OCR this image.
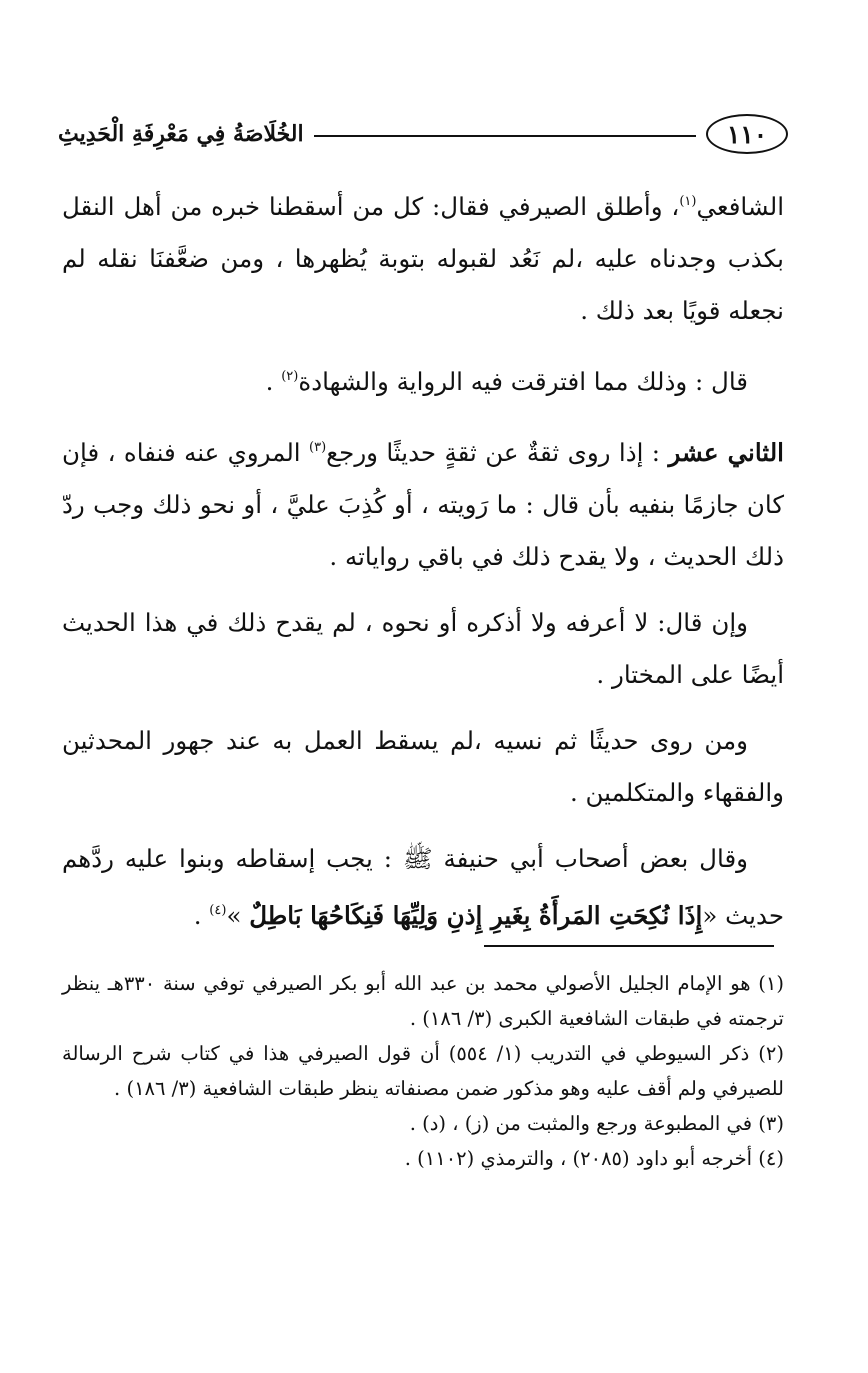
١١٠
الخُلَاصَةُ فِي مَعْرِفَةِ الْحَدِيثِ

الشافعي$^{(١)}$، وأطلق الصيرفي فقال: كل من أسقطنا خبره من أهل النقل بكذب وجدناه عليه ،لم نَعُد لقبوله بتوبة يُظهرها ، ومن ضعَّفنَا نقله لم نجعله قويًا بعد ذلك .

قال : وذلك مما افترقت فيه الرواية والشهادة$^{(٢)}$ .

الثاني عشر : إذا روى ثقةٌ عن ثقةٍ حديثًا ورجع$^{(٣)}$ المروي عنه فنفاه ، فإن كان جازمًا بنفيه بأن قال : ما رَويته ، أو كُذِبَ عليَّ ، أو نحو ذلك وجب ردّ ذلك الحديث ، ولا يقدح ذلك في باقي رواياته .

وإن قال: لا أعرفه ولا أذكره أو نحوه ، لم يقدح ذلك في هذا الحديث أيضًا على المختار .

ومن روى حديثًا ثم نسيه ،لم يسقط العمل به عند جهور المحدثين والفقهاء والمتكلمين .

وقال بعض أصحاب أبي حنيفة ﷺ : يجب إسقاطه وبنوا عليه ردَّهم حديث «إِذَا نُكِحَتِ المَرأَةُ بِغَيرِ إِذنِ وَلِيِّهَا فَنِكَاحُهَا بَاطِلٌ »$^{(٤)}$ .

(١) هو الإمام الجليل الأصولي محمد بن عبد الله أبو بكر الصيرفي توفي سنة ٣٣٠هـ ينظر ترجمته في طبقات الشافعية الكبرى (٣/ ١٨٦) .

(٢) ذكر السيوطي في التدريب (١/ ٥٥٤) أن قول الصيرفي هذا في كتاب شرح الرسالة للصيرفي ولم أقف عليه وهو مذكور ضمن مصنفاته ينظر طبقات الشافعية (٣/ ١٨٦) .

(٣) في المطبوعة ورجع والمثبت من (ز) ، (د) .

(٤) أخرجه أبو داود (٢٠٨٥) ، والترمذي (١١٠٢) .
